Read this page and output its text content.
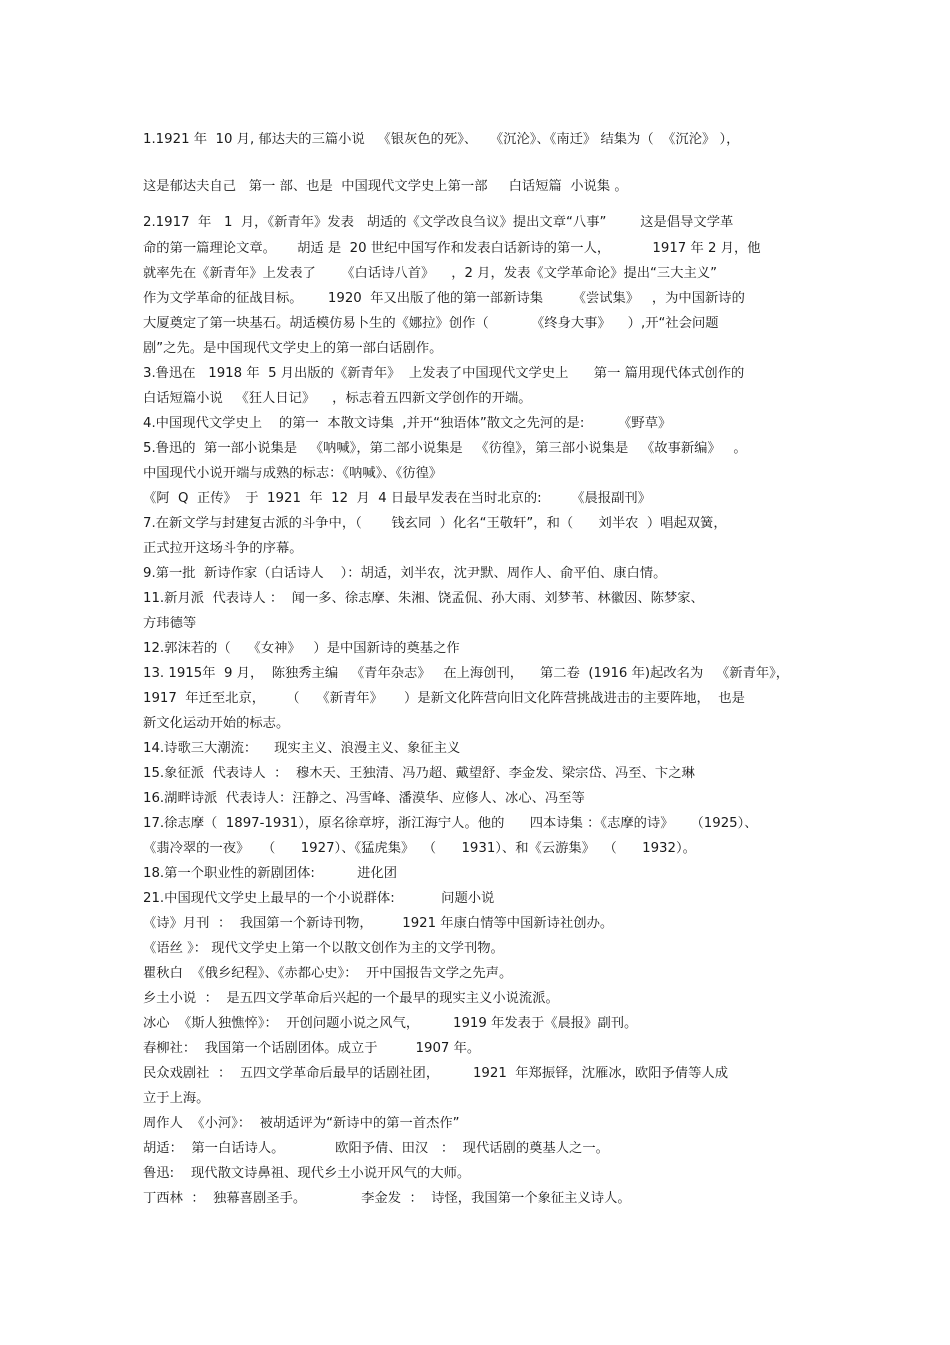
1.1921 年  10 月, 郁达夫的三篇小说   《银灰色的死》、   《沉沦》、《南迁》 结集为（  《沉沦》 ），
这是郁达夫自己   第一 部、也是  中国现代文学史上第一部     白话短篇  小说集 。
2.1917  年   1  月，《新青年》发表   胡适的《文学改良刍议》提出文章“八事”        这是倡导文学革
命的第一篇理论文章。     胡适 是  20 世纪中国写作和发表白话新诗的第一人，          1917 年 2 月，他
就率先在《新青年》上发表了      《白话诗八首》    ，2 月，发表《文学革命论》提出“三大主义”
作为文学革命的征战目标。      1920  年又出版了他的第一部新诗集       《尝试集》   ，为中国新诗的
大厦奠定了第一块基石。胡适模仿易卜生的《娜拉》创作（          《终身大事》    ）,开“社会问题
剧”之先。是中国现代文学史上的第一部白话剧作。
3.鲁迅在   1918 年  5 月出版的《新青年》  上发表了中国现代文学史上      第一 篇用现代体式创作的
白话短篇小说   《狂人日记》    ，标志着五四新文学创作的开端。
4.中国现代文学史上    的第一  本散文诗集  ,并开“独语体”散文之先河的是:        《野草》
5.鲁迅的  第一部小说集是   《呐喊》，第二部小说集是   《彷徨》，第三部小说集是   《故事新编》   。
中国现代小说开端与成熟的标志：《呐喊》、《彷徨》
《阿  Q  正传》  于  1921  年  12  月  4 日最早发表在当时北京的:       《晨报副刊》
7.在新文学与封建复古派的斗争中，（       钱玄同  ）化名“王敬轩”，和（      刘半农  ）唱起双簧，
正式拉开这场斗争的序幕。
9.第一批  新诗作家（白话诗人    ）：胡适，刘半农，沈尹默、周作人、俞平伯、康白情。
11.新月派  代表诗人 ：  闻一多、徐志摩、朱湘、饶孟侃、孙大雨、刘梦苇、林徽因、陈梦家、
方玮德等
12.郭沫若的（    《女神》   ）是中国新诗的奠基之作
13. 1915年  9 月，  陈独秀主编   《青年杂志》   在上海创刊，    第二卷  (1916 年)起改名为   《新青年》，
1917  年迁至北京，     （    《新青年》     ）是新文化阵营向旧文化阵营挑战进击的主要阵地，  也是
新文化运动开始的标志。
14.诗歌三大潮流：    现实主义、浪漫主义、象征主义
15.象征派  代表诗人  ：  穆木天、王独清、冯乃超、戴望舒、李金发、梁宗岱、冯至、卞之琳
16.湖畔诗派  代表诗人：汪静之、冯雪峰、潘漠华、应修人、冰心、冯至等
17.徐志摩（  1897-1931），原名徐章垿，浙江海宁人。他的      四本诗集 ：《志摩的诗》    （1925）、
《翡冷翠的一夜》   （      1927）、《猛虎集》  （      1931）、和《云游集》  （      1932）。
18.第一个职业性的新剧团体:          进化团
21.中国现代文学史上最早的一个小说群体:           问题小说
《诗》月刊  ：  我国第一个新诗刊物，       1921 年康白情等中国新诗社创办。
《语丝 》： 现代文学史上第一个以散文创作为主的文学刊物。
瞿秋白  《俄乡纪程》、《赤都心史》：  开中国报告文学之先声。
乡土小说  ：  是五四文学革命后兴起的一个最早的现实主义小说流派。
冰心  《斯人独憔悴》：  开创问题小说之风气，        1919 年发表于《晨报》副刊。
春柳社：  我国第一个话剧团体。成立于         1907 年。
民众戏剧社  ：  五四文学革命后最早的话剧社团，        1921  年郑振铎，沈雁冰，欧阳予倩等人成
立于上海。
周作人  《小河》：  被胡适评为“新诗中的第一首杰作”
胡适：  第一白话诗人。            欧阳予倩、田汉   ：  现代话剧的奠基人之一。
鲁迅:    现代散文诗鼻祖、现代乡土小说开风气的大师。
丁西林  ：  独幕喜剧圣手。             李金发  ：  诗怪，我国第一个象征主义诗人。
